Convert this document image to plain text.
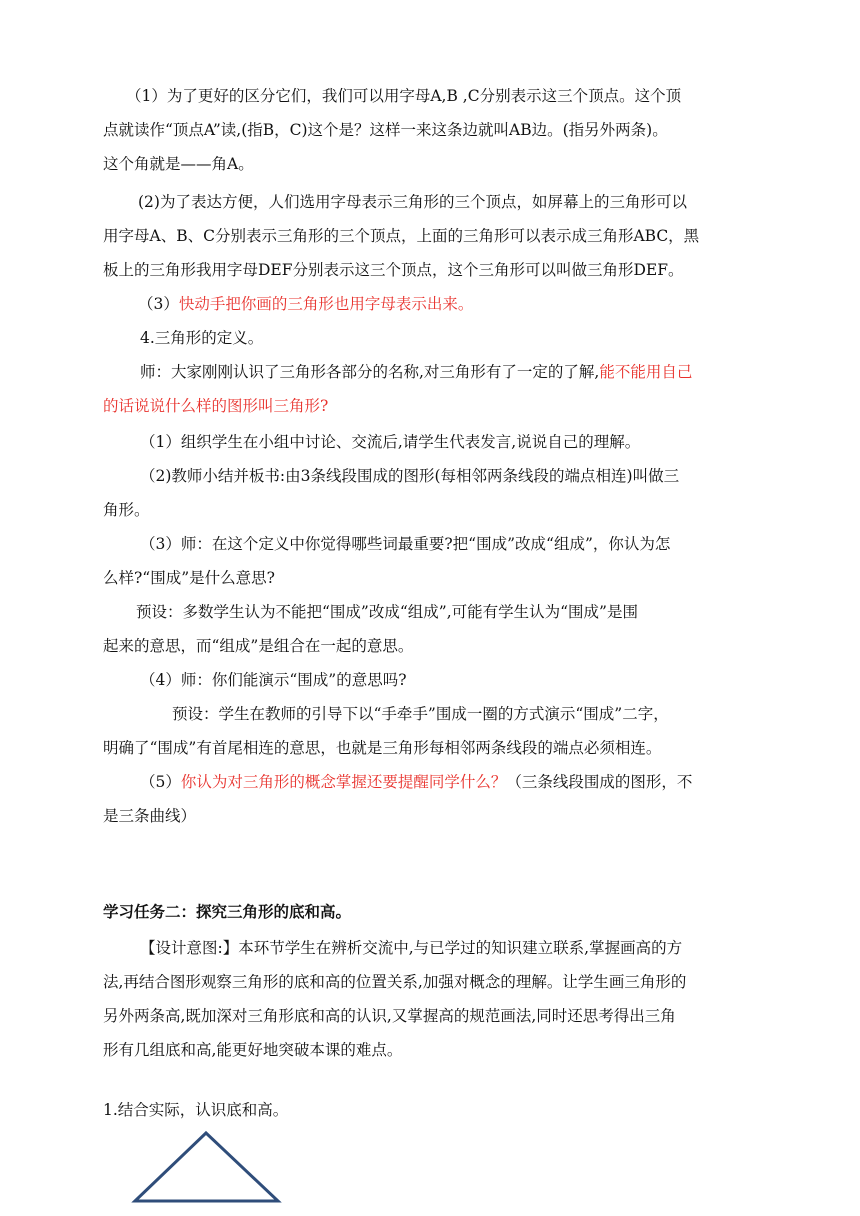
（1）为了更好的区分它们，我们可以用字母A,B ,C分别表示这三个顶点。这个顶
点就读作“顶点A”读,(指B，C)这个是？这样一来这条边就叫AB边。(指另外两条)。
这个角就是——角A。
(2)为了表达方便，人们选用字母表示三角形的三个顶点，如屏幕上的三角形可以
用字母A、B、C分别表示三角形的三个顶点，上面的三角形可以表示成三角形ABC，黑
板上的三角形我用字母DEF分别表示这三个顶点，这个三角形可以叫做三角形DEF。
（3）快动手把你画的三角形也用字母表示出来。
4.三角形的定义。
师：大家刚刚认识了三角形各部分的名称,对三角形有了一定的了解,能不能用自己
的话说说什么样的图形叫三角形?
（1）组织学生在小组中讨论、交流后,请学生代表发言,说说自己的理解。
（2)教师小结并板书:由3条线段围成的图形(每相邻两条线段的端点相连)叫做三
角形。
（3）师：在这个定义中你觉得哪些词最重要?把“围成”改成“组成”，你认为怎
么样?“围成”是什么意思?
预设：多数学生认为不能把“围成”改成“组成”,可能有学生认为“围成”是围
起来的意思，而“组成”是组合在一起的意思。
（4）师：你们能演示“围成”的意思吗?
预设：学生在教师的引导下以“手牵手”围成一圈的方式演示“围成”二字，
明确了“围成”有首尾相连的意思，也就是三角形每相邻两条线段的端点必须相连。
（5）你认为对三角形的概念掌握还要提醒同学什么？（三条线段围成的图形，不
是三条曲线）
学习任务二：探究三角形的底和高。
【设计意图:】本环节学生在辨析交流中,与已学过的知识建立联系,掌握画高的方
法,再结合图形观察三角形的底和高的位置关系,加强对概念的理解。让学生画三角形的
另外两条高,既加深对三角形底和高的认识,又掌握高的规范画法,同时还思考得出三角
形有几组底和高,能更好地突破本课的难点。
1.结合实际，认识底和高。
